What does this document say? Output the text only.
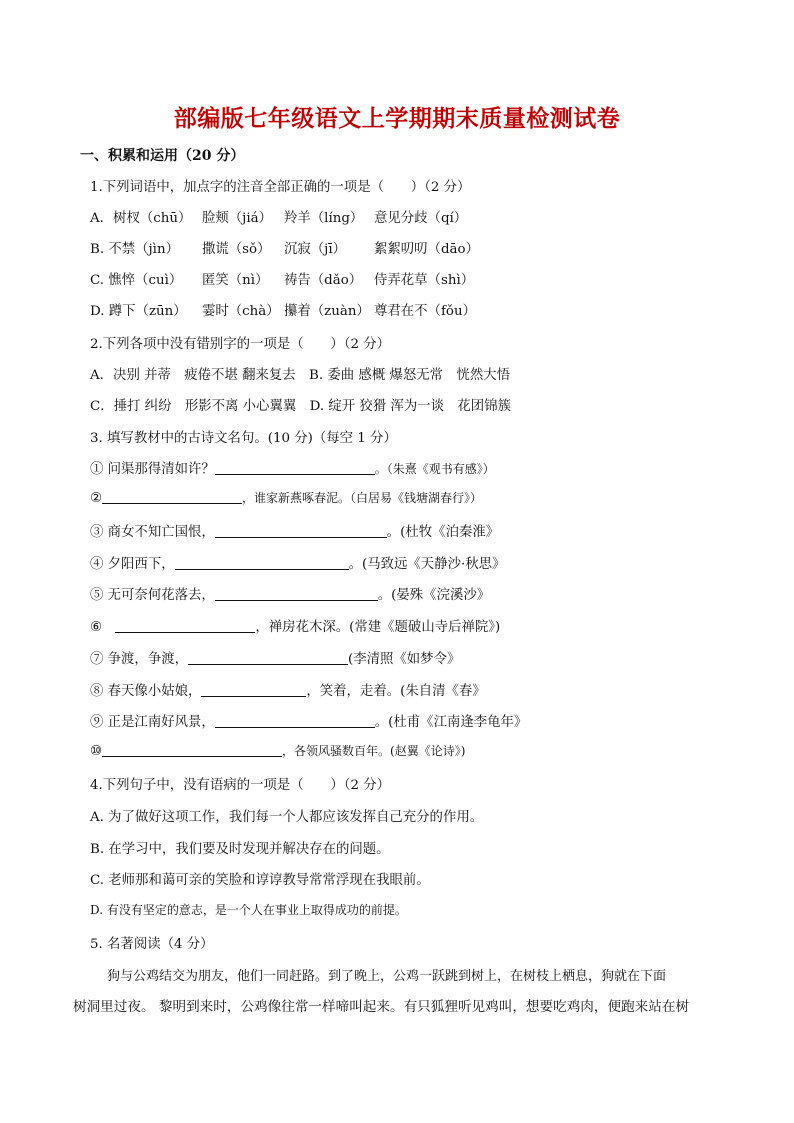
部编版七年级语文上学期期末质量检测试卷
一、积累和运用（20 分）
1.下列词语中，加点字的注音全部正确的一项是（　　）（2 分）
A．树杈（chū） 脸颊（jiá） 羚羊（líng） 意见分歧（qí）
B. 不禁（jìn） 撒谎（sǒ） 沉寂（jī） 絮絮叨叨（dāo）
C. 憔悴（cuì） 匿笑（nì） 祷告（dǎo） 侍弄花草（shì）
D. 蹲下（zūn） 霎时（chà） 攥着（zuàn） 尊君在不（fǒu）
2.下列各项中没有错别字的一项是（　　）（2 分）
A．决别 并蒂　疲倦不堪 翻来复去　B. 委曲 感概 爆怒无常　恍然大悟
C．捶打 纠纷　形影不离 小心翼翼　D. 绽开 狡猾 浑为一谈　花团锦簇
3. 填写教材中的古诗文名句。(10 分)（每空 1 分）
① 问渠那得清如许？	。（朱熹《观书有感》）
②	，谁家新燕啄春泥。（白居易《钱塘湖春行》）
③ 商女不知亡国恨，	。(杜牧《泊秦淮》
④ 夕阳西下，	。(马致远《天静沙·秋思》
⑤ 无可奈何花落去，	。(晏殊《浣溪沙》
⑥　	，禅房花木深。(常建《题破山寺后禅院》)
⑦ 争渡，争渡，	(李清照《如梦令》
⑧ 春天像小姑娘，	，笑着，走着。(朱自清《春》
⑨ 正是江南好风景，	。(杜甫《江南逢李龟年》
⑩	，各领风骚数百年。(赵翼《论诗》)
4.下列句子中，没有语病的一项是（　　）（2 分）
A. 为了做好这项工作，我们每一个人都应该发挥自己充分的作用。
B. 在学习中，我们要及时发现并解决存在的问题。
C. 老师那和蔼可亲的笑脸和谆谆教导常常浮现在我眼前。
D. 有没有坚定的意志，是一个人在事业上取得成功的前提。
5. 名著阅读（4 分）
狗与公鸡结交为朋友，他们一同赶路。到了晚上，公鸡一跃跳到树上，在树枝上栖息，狗就在下面
树洞里过夜。 黎明到来时，公鸡像往常一样啼叫起来。有只狐狸听见鸡叫，想要吃鸡肉，便跑来站在树
